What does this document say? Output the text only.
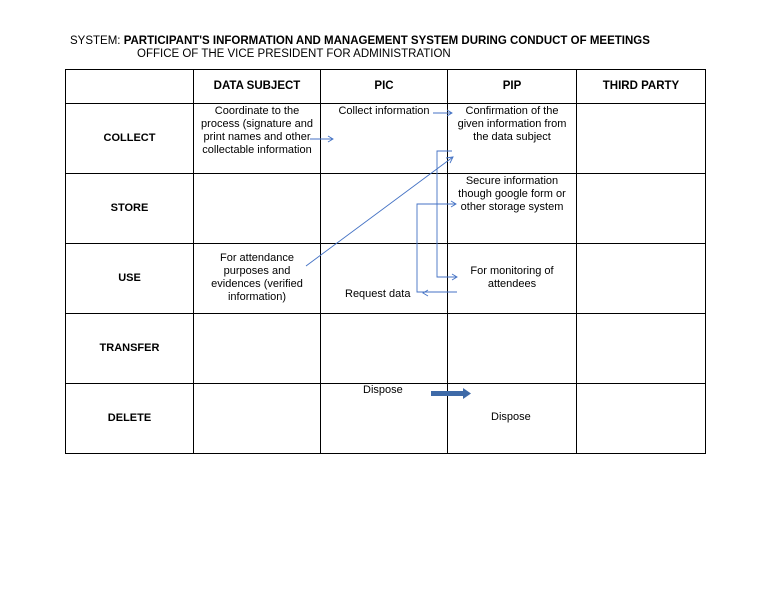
SYSTEM: PARTICIPANT'S INFORMATION AND MANAGEMENT SYSTEM DURING CONDUCT OF MEETINGS
OFFICE OF THE VICE PRESIDENT FOR ADMINISTRATION
	DATA SUBJECT	PIC	PIP	THIRD PARTY
COLLECT	Coordinate to the process (signature and print names and other collectable information	Collect information	Confirmation of the given information from the data subject	

STORE			Secure information though google form or other storage system	

USE	For attendance purposes and evidences (verified information)	Request data	For monitoring of attendees	

TRANSFER				
DELETE		Dispose	Dispose	
